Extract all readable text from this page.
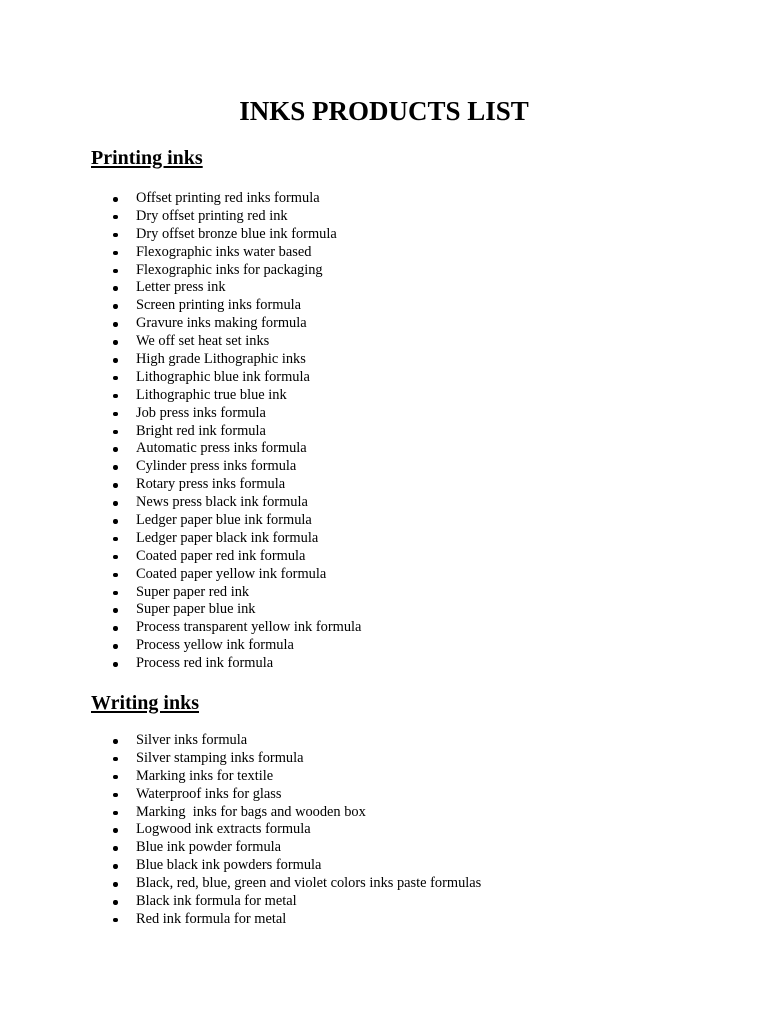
INKS PRODUCTS LIST
Printing inks
Offset printing red inks formula
Dry offset printing red ink
Dry offset bronze blue ink formula
Flexographic inks water based
Flexographic inks for packaging
Letter press ink
Screen printing inks formula
Gravure inks making formula
We off set heat set inks
High grade Lithographic inks
Lithographic blue ink formula
Lithographic true blue ink
Job press inks formula
Bright red ink formula
Automatic press inks formula
Cylinder press inks formula
Rotary press inks formula
News press black ink formula
Ledger paper blue ink formula
Ledger paper black ink formula
Coated paper red ink formula
Coated paper yellow ink formula
Super paper red ink
Super paper blue ink
Process transparent yellow ink formula
Process yellow ink formula
Process red ink formula
Writing inks
Silver inks formula
Silver stamping inks formula
Marking inks for textile
Waterproof inks for glass
Marking  inks for bags and wooden box
Logwood ink extracts formula
Blue ink powder formula
Blue black ink powders formula
Black, red, blue, green and violet colors inks paste formulas
Black ink formula for metal
Red ink formula for metal
